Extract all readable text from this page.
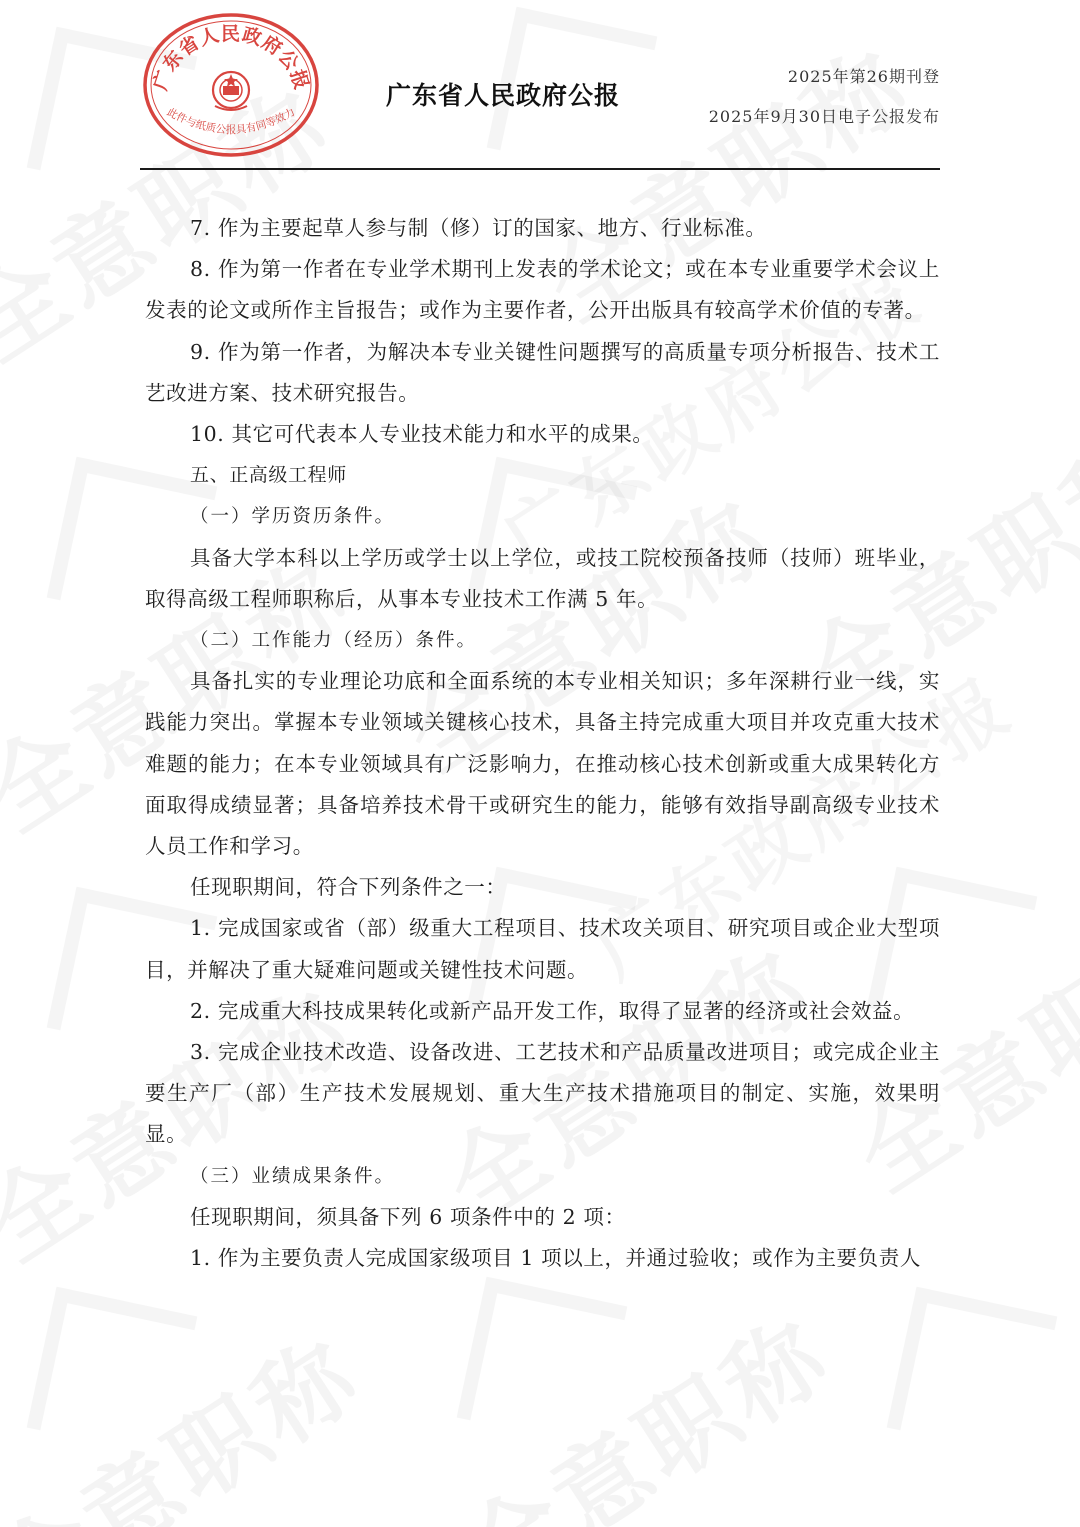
广东省人民政府公报
此件与纸质公报具有同等效力
广东省人民政府公报
2025年第26期刊登
2025年9月30日电子公报发布

7. 作为主要起草人参与制（修）订的国家、地方、行业标准。

8. 作为第一作者在专业学术期刊上发表的学术论文；或在本专业重要学术会议上发表的论文或所作主旨报告；或作为主要作者，公开出版具有较高学术价值的专著。

9. 作为第一作者，为解决本专业关键性问题撰写的高质量专项分析报告、技术工艺改进方案、技术研究报告。

10. 其它可代表本人专业技术能力和水平的成果。

五、正高级工程师

（一）学历资历条件。

具备大学本科以上学历或学士以上学位，或技工院校预备技师（技师）班毕业，取得高级工程师职称后，从事本专业技术工作满 5 年。

（二）工作能力（经历）条件。

具备扎实的专业理论功底和全面系统的本专业相关知识；多年深耕行业一线，实践能力突出。掌握本专业领域关键核心技术，具备主持完成重大项目并攻克重大技术难题的能力；在本专业领域具有广泛影响力，在推动核心技术创新或重大成果转化方面取得成绩显著；具备培养技术骨干或研究生的能力，能够有效指导副高级专业技术人员工作和学习。

任现职期间，符合下列条件之一：

1. 完成国家或省（部）级重大工程项目、技术攻关项目、研究项目或企业大型项目，并解决了重大疑难问题或关键性技术问题。

2. 完成重大科技成果转化或新产品开发工作，取得了显著的经济或社会效益。

3. 完成企业技术改造、设备改进、工艺技术和产品质量改进项目；或完成企业主要生产厂（部）生产技术发展规划、重大生产技术措施项目的制定、实施，效果明显。

（三）业绩成果条件。

任现职期间，须具备下列 6 项条件中的 2 项：

1. 作为主要负责人完成国家级项目 1 项以上，并通过验收；或作为主要负责人
